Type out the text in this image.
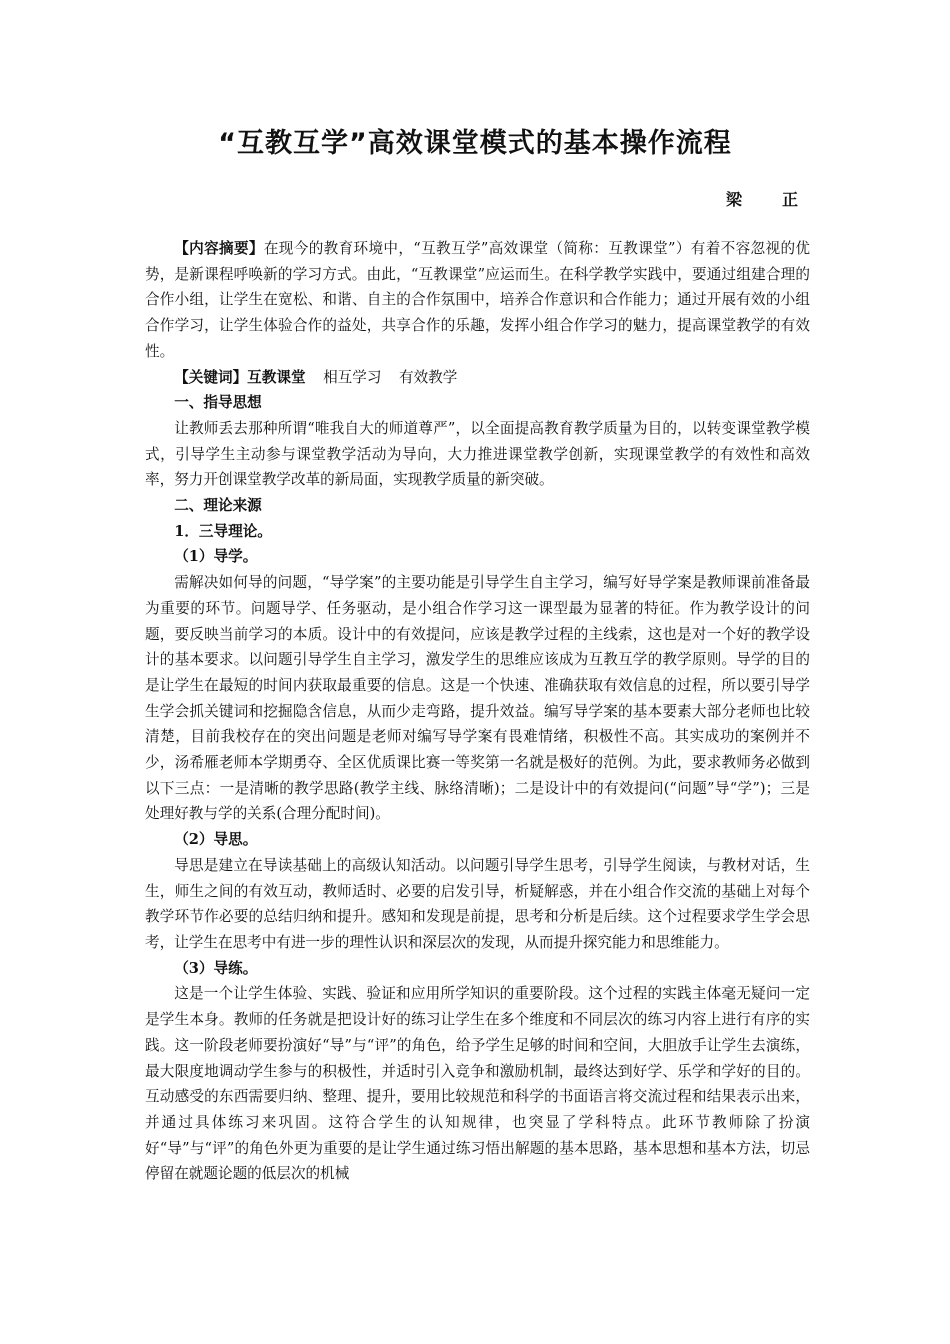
“互教互学”高效课堂模式的基本操作流程
梁　正

【内容摘要】在现今的教育环境中，“互教互学”高效课堂（简称：互教课堂”）有着不容忽视的优势，是新课程呼唤新的学习方式。由此，“互教课堂”应运而生。在科学教学实践中，要通过组建合理的合作小组，让学生在宽松、和谐、自主的合作氛围中，培养合作意识和合作能力；通过开展有效的小组合作学习，让学生体验合作的益处，共享合作的乐趣，发挥小组合作学习的魅力，提高课堂教学的有效性。

【关键词】互教课堂 相互学习 有效教学

一、指导思想

让教师丢去那种所谓“唯我自大的师道尊严”，以全面提高教育教学质量为目的，以转变课堂教学模式，引导学生主动参与课堂教学活动为导向，大力推进课堂教学创新，实现课堂教学的有效性和高效率，努力开创课堂教学改革的新局面，实现教学质量的新突破。

二、理论来源

1．三导理论。

（1）导学。

需解决如何导的问题，“导学案”的主要功能是引导学生自主学习，编写好导学案是教师课前准备最为重要的环节。问题导学、任务驱动，是小组合作学习这一课型最为显著的特征。作为教学设计的问题，要反映当前学习的本质。设计中的有效提问，应该是教学过程的主线索，这也是对一个好的教学设计的基本要求。以问题引导学生自主学习，激发学生的思维应该成为互教互学的教学原则。导学的目的是让学生在最短的时间内获取最重要的信息。这是一个快速、准确获取有效信息的过程，所以要引导学生学会抓关键词和挖掘隐含信息，从而少走弯路，提升效益。编写导学案的基本要素大部分老师也比较清楚，目前我校存在的突出问题是老师对编写导学案有畏难情绪，积极性不高。其实成功的案例并不少，汤希雁老师本学期勇夺、全区优质课比赛一等奖第一名就是极好的范例。为此，要求教师务必做到以下三点：一是清晰的教学思路(教学主线、脉络清晰)；二是设计中的有效提问(“问题”导“学”)；三是处理好教与学的关系(合理分配时间)。

（2）导思。

导思是建立在导读基础上的高级认知活动。以问题引导学生思考，引导学生阅读，与教材对话，生生，师生之间的有效互动，教师适时、必要的启发引导，析疑解惑，并在小组合作交流的基础上对每个教学环节作必要的总结归纳和提升。感知和发现是前提，思考和分析是后续。这个过程要求学生学会思考，让学生在思考中有进一步的理性认识和深层次的发现，从而提升探究能力和思维能力。

（3）导练。

这是一个让学生体验、实践、验证和应用所学知识的重要阶段。这个过程的实践主体毫无疑问一定是学生本身。教师的任务就是把设计好的练习让学生在多个维度和不同层次的练习内容上进行有序的实践。这一阶段老师要扮演好“导”与“评”的角色，给予学生足够的时间和空间，大胆放手让学生去演练，最大限度地调动学生参与的积极性，并适时引入竞争和激励机制，最终达到好学、乐学和学好的目的。互动感受的东西需要归纳、整理、提升，要用比较规范和科学的书面语言将交流过程和结果表示出来，并通过具体练习来巩固。这符合学生的认知规律，也突显了学科特点。此环节教师除了扮演好“导”与“评”的角色外更为重要的是让学生通过练习悟出解题的基本思路，基本思想和基本方法，切忌停留在就题论题的低层次的机械
